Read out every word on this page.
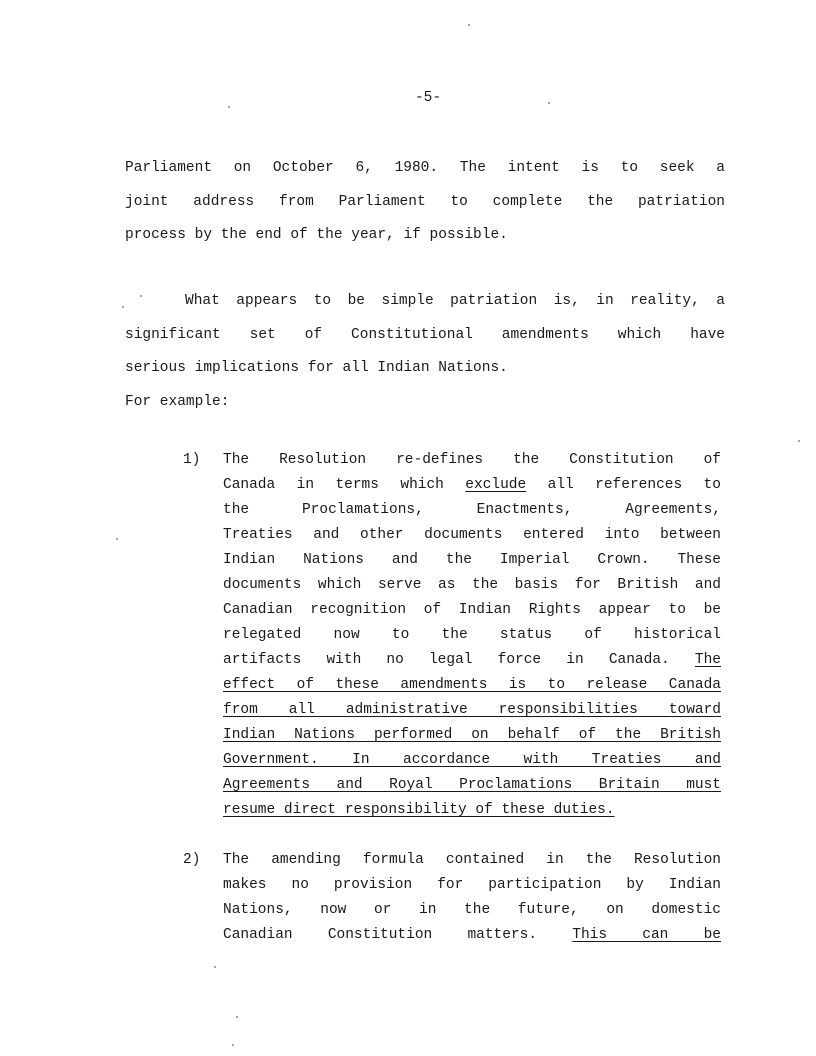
-5-
Parliament on October 6, 1980. The intent is to seek a
joint address from Parliament to complete the patriation
process by the end of the year, if possible.
What appears to be simple patriation is, in reality, a
significant set of Constitutional amendments which have
serious implications for all Indian Nations.
For example:
1)	The Resolution re-defines the Constitution of
Canada in terms which exclude all references to
the Proclamations, Enactments, Agreements,
Treaties and other documents entered into between
Indian Nations and the Imperial Crown. These
documents which serve as the basis for British and
Canadian recognition of Indian Rights appear to be
relegated now to the status of historical
artifacts with no legal force in Canada. The
effect of these amendments is to release Canada
from all administrative responsibilities toward
Indian Nations performed on behalf of the British
Government. In accordance with Treaties and
Agreements and Royal Proclamations Britain must
resume direct responsibility of these duties.
2)	The amending formula contained in the Resolution
makes no provision for participation by Indian
Nations, now or in the future, on domestic
Canadian Constitution matters. This can be
